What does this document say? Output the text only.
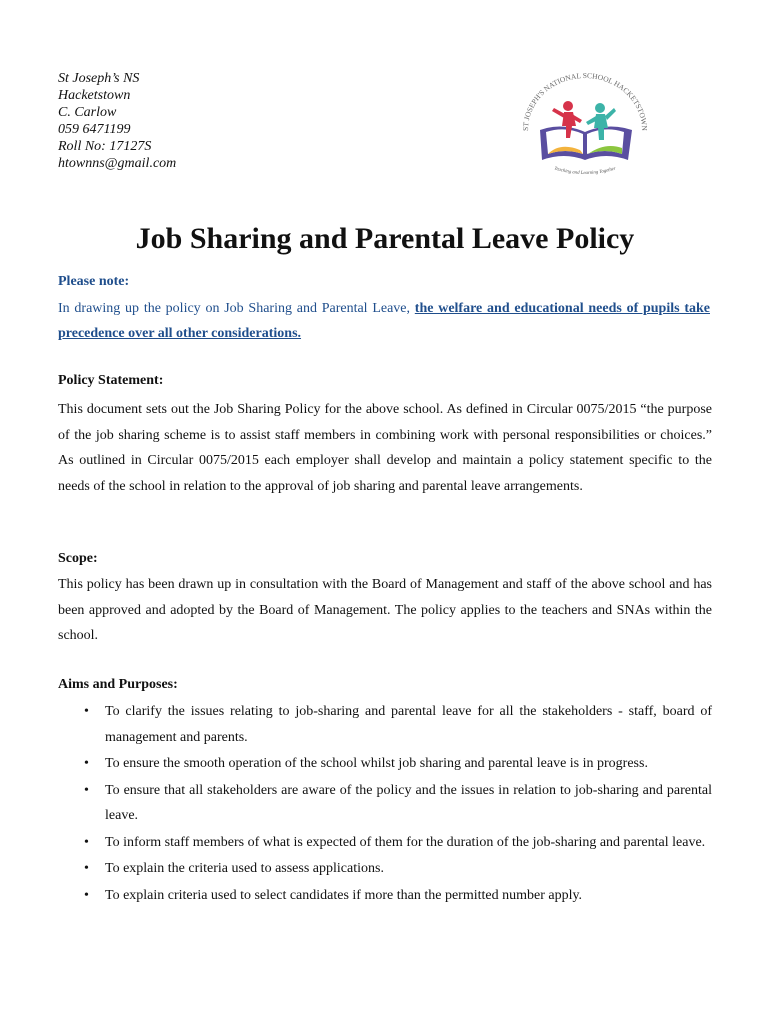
St Joseph’s NS
Hacketstown
C. Carlow
059 6471199
Roll No: 17127S
htownns@gmail.com
ST JOSEPH'S NATIONAL SCHOOL HACKETSTOWN
Teaching and Learning Together
Job Sharing and Parental Leave Policy
Please note:

In drawing up the policy on Job Sharing and Parental Leave, the welfare and educational needs of pupils take precedence over all other considerations.

Policy Statement:

This document sets out the Job Sharing Policy for the above school. As defined in Circular 0075/2015 “the purpose of the job sharing scheme is to assist staff members in combining work with personal responsibilities or choices.” As outlined in Circular 0075/2015 each employer shall develop and maintain a policy statement specific to the needs of the school in relation to the approval of job sharing and parental leave arrangements.

Scope:

This policy has been drawn up in consultation with the Board of Management and staff of the above school and has been approved and adopted by the Board of Management. The policy applies to the teachers and SNAs within the school.

Aims and Purposes:
• To clarify the issues relating to job-sharing and parental leave for all the stakeholders - staff, board of management and parents.
• To ensure the smooth operation of the school whilst job sharing and parental leave is in progress.
• To ensure that all stakeholders are aware of the policy and the issues in relation to job-sharing and parental leave.
• To inform staff members of what is expected of them for the duration of the job-sharing and parental leave.
• To explain the criteria used to assess applications.
• To explain criteria used to select candidates if more than the permitted number apply.
